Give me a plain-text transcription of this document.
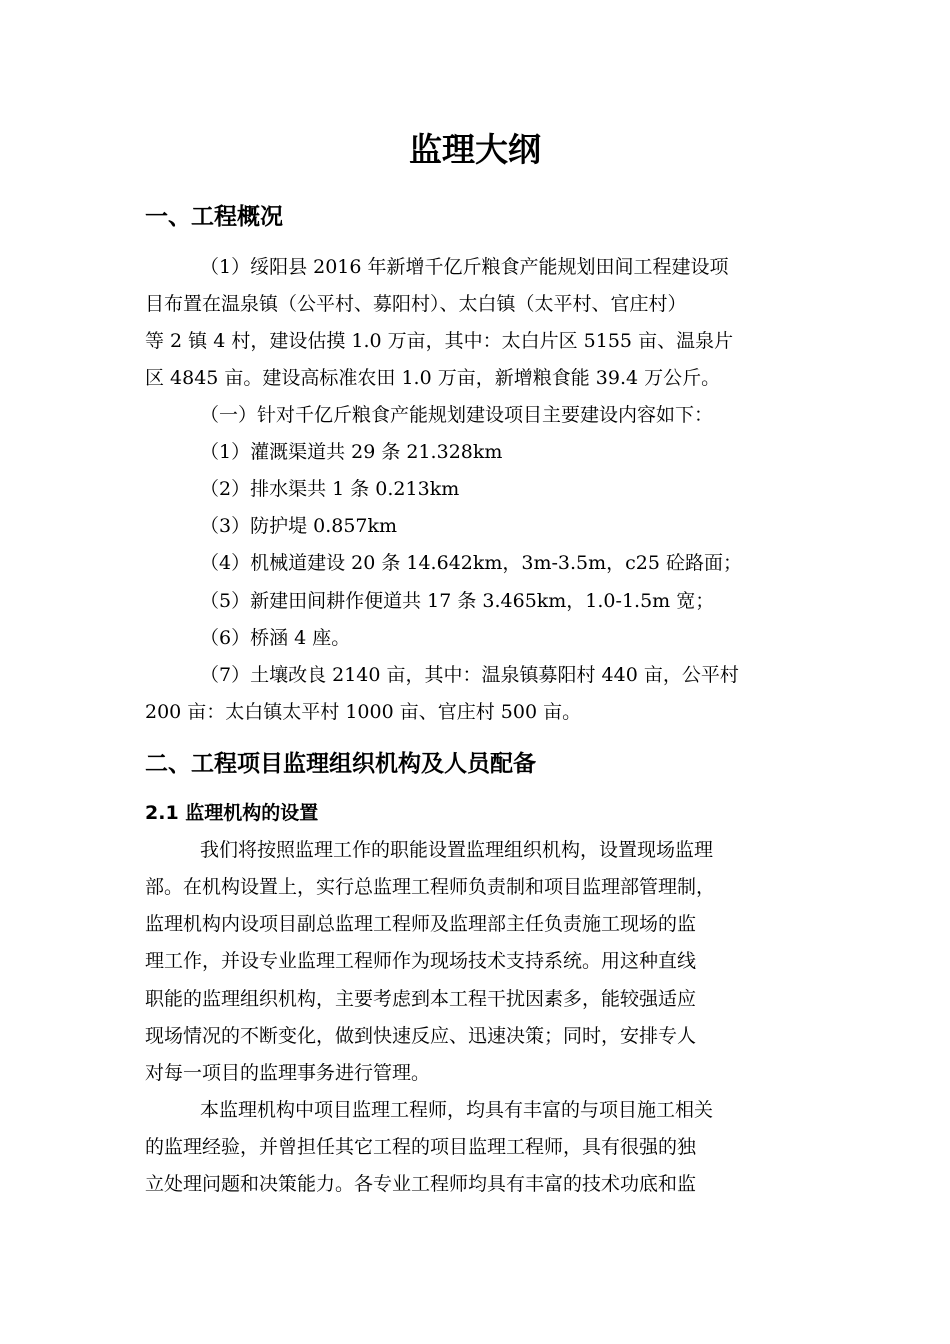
监理大纲
一、工程概况
（1）绥阳县 2016 年新增千亿斤粮食产能规划田间工程建设项
目布置在温泉镇（公平村、募阳村）、太白镇（太平村、官庄村）
等 2 镇 4 村，建设估摸 1.0 万亩，其中：太白片区 5155 亩、温泉片
区 4845 亩。建设高标准农田 1.0 万亩，新增粮食能 39.4 万公斤。
（一）针对千亿斤粮食产能规划建设项目主要建设内容如下：
（1）灌溉渠道共 29 条 21.328km
（2）排水渠共 1 条 0.213km
（3）防护堤 0.857km
（4）机械道建设 20 条 14.642km，3m-3.5m，c25 砼路面；
（5）新建田间耕作便道共 17 条 3.465km，1.0-1.5m 宽；
（6）桥涵 4 座。
（7）土壤改良 2140 亩，其中：温泉镇募阳村 440 亩，公平村
200 亩：太白镇太平村 1000 亩、官庄村 500 亩。
二、工程项目监理组织机构及人员配备
2.1 监理机构的设置
我们将按照监理工作的职能设置监理组织机构，设置现场监理
部。在机构设置上，实行总监理工程师负责制和项目监理部管理制，
监理机构内设项目副总监理工程师及监理部主任负责施工现场的监
理工作，并设专业监理工程师作为现场技术支持系统。用这种直线
职能的监理组织机构，主要考虑到本工程干扰因素多，能较强适应
现场情况的不断变化，做到快速反应、迅速决策；同时，安排专人
对每一项目的监理事务进行管理。
本监理机构中项目监理工程师，均具有丰富的与项目施工相关
的监理经验，并曾担任其它工程的项目监理工程师，具有很强的独
立处理问题和决策能力。各专业工程师均具有丰富的技术功底和监
